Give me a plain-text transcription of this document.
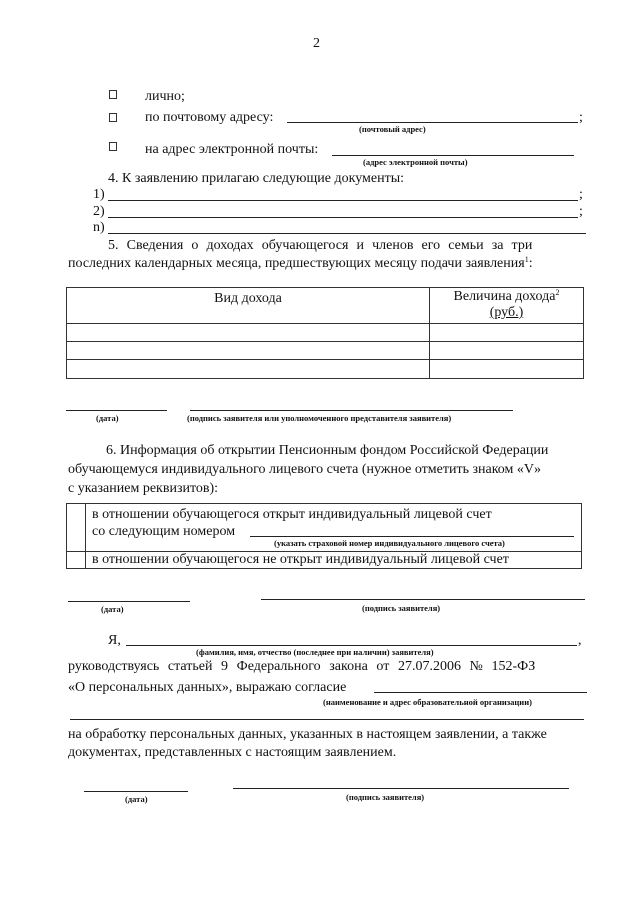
2
лично;
по почтовому адресу:	;
(почтовый адрес)
на адрес электронной почты:
(адрес электронной почты)
4. К заявлению прилагаю следующие документы:
1)	;
2)	;
n)
5. Сведения о доходах обучающегося и членов его семьи за три
последних календарных месяца, предшествующих месяцу подачи заявления$^1$:
Вид дохода	Величина дохода$^2$
(руб.)

(дата)	(подпись заявителя или уполномоченного представителя заявителя)
6. Информация об открытии Пенсионным фондом Российской Федерации
обучающемуся индивидуального лицевого счета (нужное отметить знаком «V»
с указанием реквизитов):
в отношении обучающегося открыт индивидуальный лицевой счет
со следующим номером
(указать страховой номер индивидуального лицевого счета)
в отношении обучающегося не открыт индивидуальный лицевой счет
(дата)	(подпись заявителя)
Я,	,
(фамилия, имя, отчество (последнее при наличии) заявителя)
руководствуясь статьей 9 Федерального закона от 27.07.2006 № 152-ФЗ
«О персональных данных», выражаю согласие
(наименование и адрес образовательной организации)
на обработку персональных данных, указанных в настоящем заявлении, а также
документах, представленных с настоящим заявлением.
(дата)	(подпись заявителя)
